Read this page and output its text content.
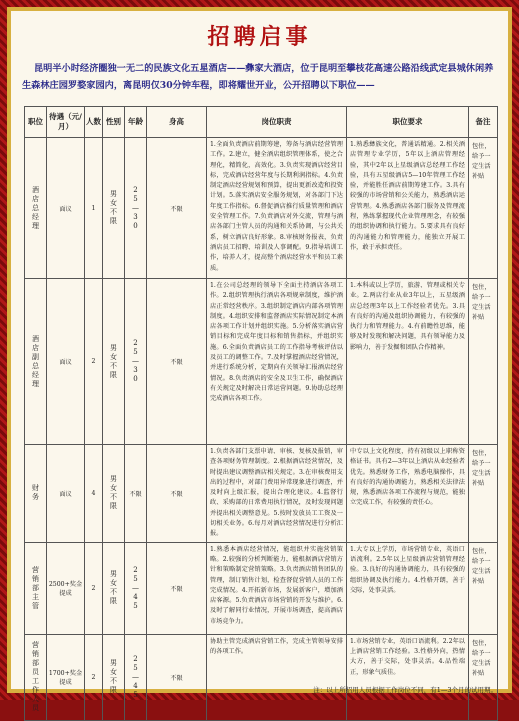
招聘启事
昆明半小时经济圈独一无二的民族文化五星酒店——彝家大酒店，位于昆明至攀枝花高速公路沿线武定县城休闲养生森林庄园罗婺家园内，离昆明仅30分钟车程，即将耀世开业，公开招聘以下职位——
职位	待遇（元/月）	人数	性别	年龄	身高	岗位职责	职位要求	备注
酒店总经理	面议	1	男女不限	25—30	不限	1.全面负责酒店前期筹建，筹备与酒店经营管理工作。2.建立，健全酒店组织管理体系，使之合理化，精简化，高效化。3.负责实现酒店经营目标，完成酒店经营年度与长期利润指标。4.负责制定酒店经营规划和预算，提出更新改造和投资计划。5.落实酒店安全服务规划，对各部门下达年度工作指标。6.督促酒店推行质量管理和酒店安全管理工作。7.负责酒店对外交流，管理与酒店各部门主管人员的沟通和关系协调，与公共关系，树立酒店良好形象。8.审核财务报表，负责酒店员工招聘、培训及人事调配。9.指导培训工作，培养人才，提高整个酒店经营水平和员工素质。	1.熟悉彝族文化，普通话精通。2.相关酒店管理专业学历，5年以上酒店管理经验，其中2年以上星级酒店总经理工作经验，具有五星级酒店5—10年管理工作经验，并能胜任酒店前期筹建工作。3.具有较强的市场营销和公关能力，熟悉酒店运营管理。4.熟悉酒店各部门服务及管理流程，熟练掌握现代企业管理理念，有较强的组织协调和执行能力。5.要求具有良好的沟通能力和管理能力，能独立开展工作，敢于承担责任。	包住，给予一定生活补贴
酒店副总经理	面议	2	男女不限	25—30	不限	1.在公司总经理的领导下全面主持酒店各项工作。2.组织管理执行酒店各项规章制度，维护酒店正常经营秩序。3.组织制定酒店内部各项管理制度。4.组织安排和监督酒店实际情况制定本酒店各项工作计划并组织实施。5.分析落实酒店营销目标和完成年度目标和销售指标，并组织实施。6.全面负责酒店员工的工作指导考核评估以及员工的调整工作。7.及时掌握酒店经营情况，并进行系统分析，定期向有关领导汇报酒店经营情况。8.负责酒店的安全及卫生工作，确保酒店有关规定及时解决日常运营问题。9.协助总经理完成酒店各项工作。	1.本科或以上学历，旅游、管理或相关专业。2.两店行业从业3年以上，五星级酒店总经理3年以上工作经验者优先。3.具有良好的沟通及组织协调能力，有较强的执行力和管理能力。4.有前瞻性思维，能够及时发现和解决问题，具有领导能力及影响力，善于发掘和团队合作精神。	包住，给予一定生活补贴
财务	面议	4	男女不限	不限	不限	1.负责各部门支票申请、审核、复核及报销，审查各项财务管理制度。2.根据酒店经营情况，及时提出建议调整酒店相关规定。3.在审核费用支出的过程中，对部门费用异常现象进行调查，并及时向上级汇报，提出合理化建议。4.监督行政、采购部的日常费用执行情况，及时发现问题并提出相关调整意见。5.按时发放员工工资及一切相关业务。6.每月对酒店经营情况进行分析汇报。	中专以上文化程度，持有初级以上职称资格证书。具有2—3年以上酒店从业经验者优先。熟悉财务工作，熟悉电脑操作，具有良好的沟通协调能力，熟悉相关法律法规，熟悉酒店各项工作流程与规范，能独立完成工作，有较强的责任心。	包住，给予一定生活补贴
营销部主管	2500+奖金提成	2	男女不限	25—45	不限	1.熟悉本酒店经营情况，能组织并实施营销策略。2.较强的分析判断能力，能根据酒店营销方针和策略制定营销策略。3.负责酒店销售团队的管理，制订销售计划，检查督促营销人员的工作完成情况。4.开拓新市场，发展新客户，增加酒店客源。5.负责酒店市场营销的开发与维护。6.及时了解同行业情况，开展市场调查，提高酒店市场竞争力。	1.大专以上学历，市场营销专业，英语口语流利。2.5年以上星级酒店营销管理经验。3.良好的沟通协调能力，具有较强的组织协调及执行能力。4.性格开朗，善于交际，处事灵活。	包住，给予一定生活补贴
营销部员工作人员	1700+奖金提成	2	男女不限	25—45	不限	协助主管完成酒店营销工作，完成主管领导安排的各项工作。	1.市场营销专业，英语口语流利。2.2年以上酒店营销工作经验。3.性格外向，热情大方，善于交际，处事灵活。4.品性端正，形象气质佳。	包住，给予一定生活补贴
注：以上所招用人员根据工作岗位不同，有1—3个月的试用期。
